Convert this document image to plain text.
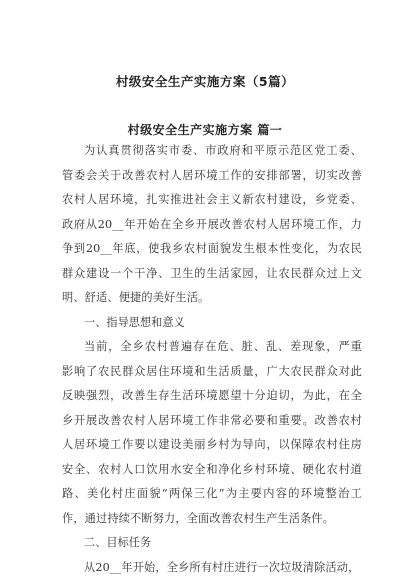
村级安全生产实施方案（5篇）
村级安全生产实施方案 篇一
为认真贯彻落实市委、市政府和平原示范区党工委、
管委会关于改善农村人居环境工作的安排部署，切实改善
农村人居环境，扎实推进社会主义新农村建设，乡党委、
政府从20__年开始在全乡开展改善农村人居环境工作，力
争到20__年底，使我乡农村面貌发生根本性变化，为农民
群众建设一个干净、卫生的生活家园，让农民群众过上文
明、舒适、便捷的美好生活。
一、指导思想和意义
当前，全乡农村普遍存在危、脏、乱、差现象，严重
影响了农民群众居住环境和生活质量，广大农民群众对此
反映强烈，改善生存生活环境愿望十分迫切，为此，在全
乡开展改善农村人居环境工作非常必要和重要。改善农村
人居环境工作要以建设美丽乡村为导向，以保障农村住房
安全、农村人口饮用水安全和净化乡村环境、硬化农村道
路、美化村庄面貌“两保三化”为主要内容的环境整治工
作，通过持续不断努力，全面改善农村生产生活条件。
二、目标任务
从20__年开始，全乡所有村庄进行一次垃圾清除活动，
